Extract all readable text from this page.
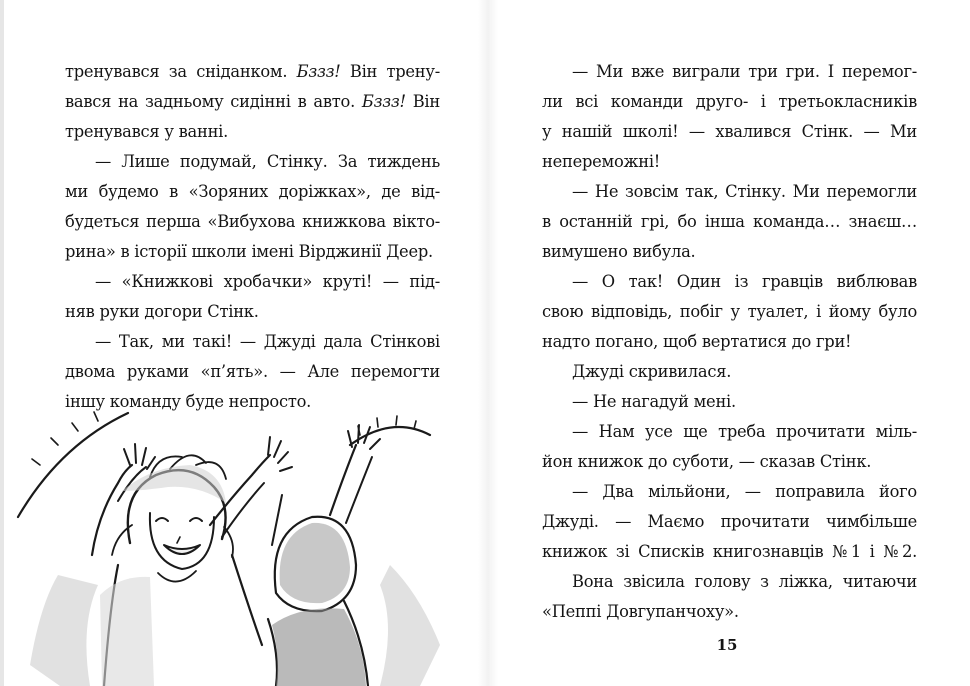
тренувався за сніданком. Бззз! Він трену-

вався на задньому сидінні в авто. Бззз! Він

тренувався у ванні.

— Лише подумай, Стінку. За тиждень

ми будемо в «Зоряних доріжках», де від-

будеться перша «Вибухова книжкова вікто-

рина» в історії школи імені Вірджинії Деер.

— «Книжкові хробачки» круті! — під-

няв руки догори Стінк.

— Так, ми такі! — Джуді дала Стінкові

двома руками «п’ять». — Але перемогти

іншу команду буде непросто.

— Ми вже виграли три гри. І перемог-

ли всі команди друго- і третьокласників

у нашій школі! — хвалився Стінк. — Ми

непереможні!

— Не зовсім так, Стінку. Ми перемогли

в останній грі, бо інша команда… знаєш…

вимушено вибула.

— О так! Один із гравців виблював

свою відповідь, побіг у туалет, і йому було

надто погано, щоб вертатися до гри!

Джуді скривилася.

— Не нагадуй мені.

— Нам усе ще треба прочитати міль-

йон книжок до суботи, — сказав Стінк.

— Два мільйони, — поправила його

Джуді. — Маємо прочитати чимбільше

книжок зі Списків книгознавців №1 і №2.

Вона звісила голову з ліжка, читаючи

«Пеппі Довгупанчоху».

15
